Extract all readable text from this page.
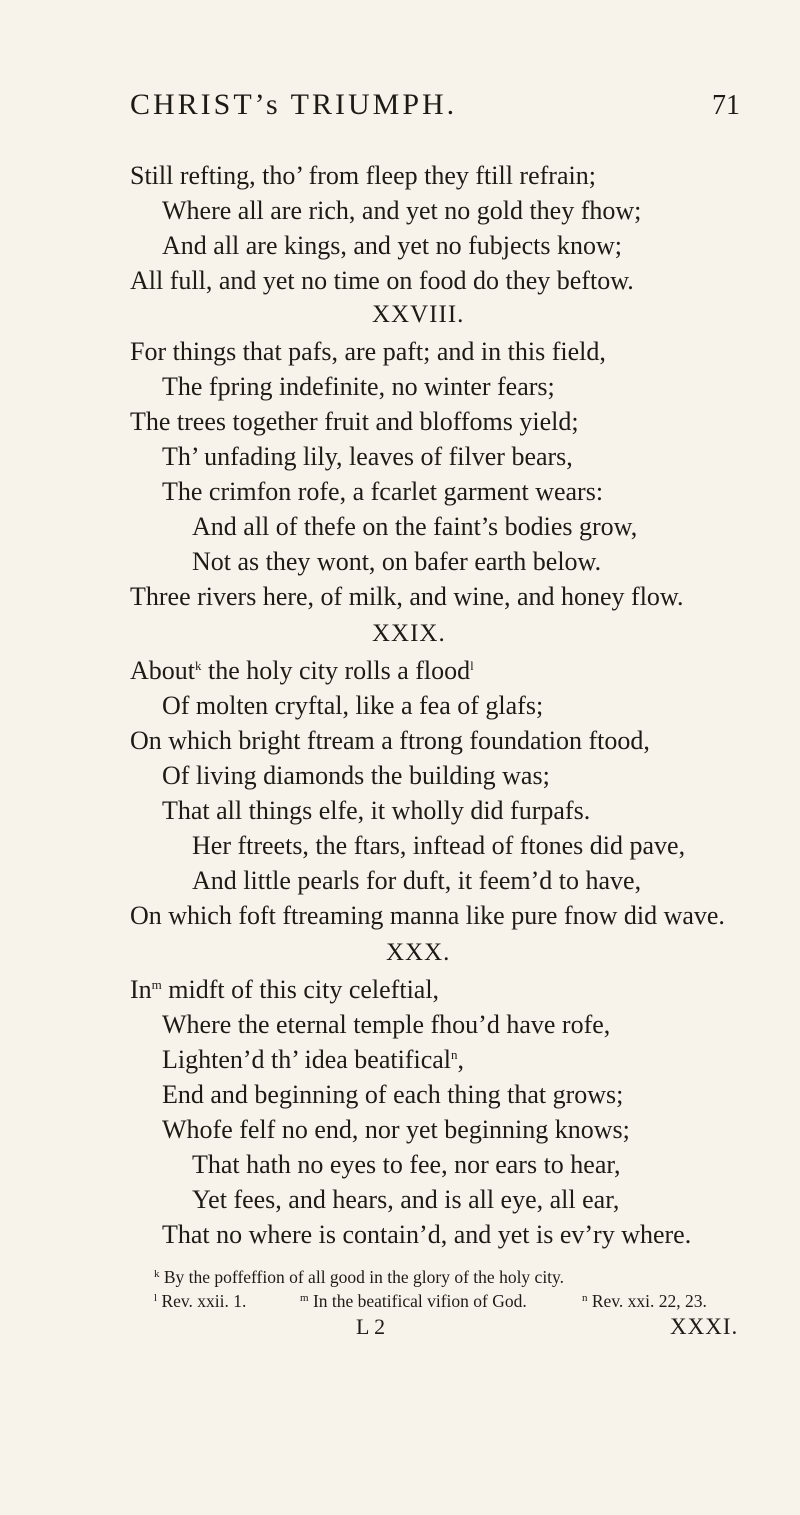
CHRIST’s TRIUMPH.	71
Still refting, tho’ from fleep they ftill refrain;
Where all are rich, and yet no gold they fhow;
And all are kings, and yet no fubjects know;
All full, and yet no time on food do they beftow.
XXVIII.
For things that pafs, are paft; and in this field,
The fpring indefinite, no winter fears;
The trees together fruit and bloffoms yield;
Th’ unfading lily, leaves of filver bears,
The crimfon rofe, a fcarlet garment wears:
And all of thefe on the faint’s bodies grow,
Not as they wont, on bafer earth below.
Three rivers here, of milk, and wine, and honey flow.
XXIX.
About$^k$ the holy city rolls a flood$^l$
Of molten cryftal, like a fea of glafs;
On which bright ftream a ftrong foundation ftood,
Of living diamonds the building was;
That all things elfe, it wholly did furpafs.
Her ftreets, the ftars, inftead of ftones did pave,
And little pearls for duft, it feem’d to have,
On which foft ftreaming manna like pure fnow did wave.
XXX.
In$^m$ midft of this city celeftial,
Where the eternal temple fhou’d have rofe,
Lighten’d th’ idea beatifical$^n$,
End and beginning of each thing that grows;
Whofe felf no end, nor yet beginning knows;
That hath no eyes to fee, nor ears to hear,
Yet fees, and hears, and is all eye, all ear,
That no where is contain’d, and yet is ev’ry where.
$^k$ By the poffeffion of all good in the glory of the holy city.
$^l$ Rev. xxii. 1.	$^m$ In the beatifical vifion of God.	$^n$ Rev. xxi. 22, 23.
L 2	XXXI.
